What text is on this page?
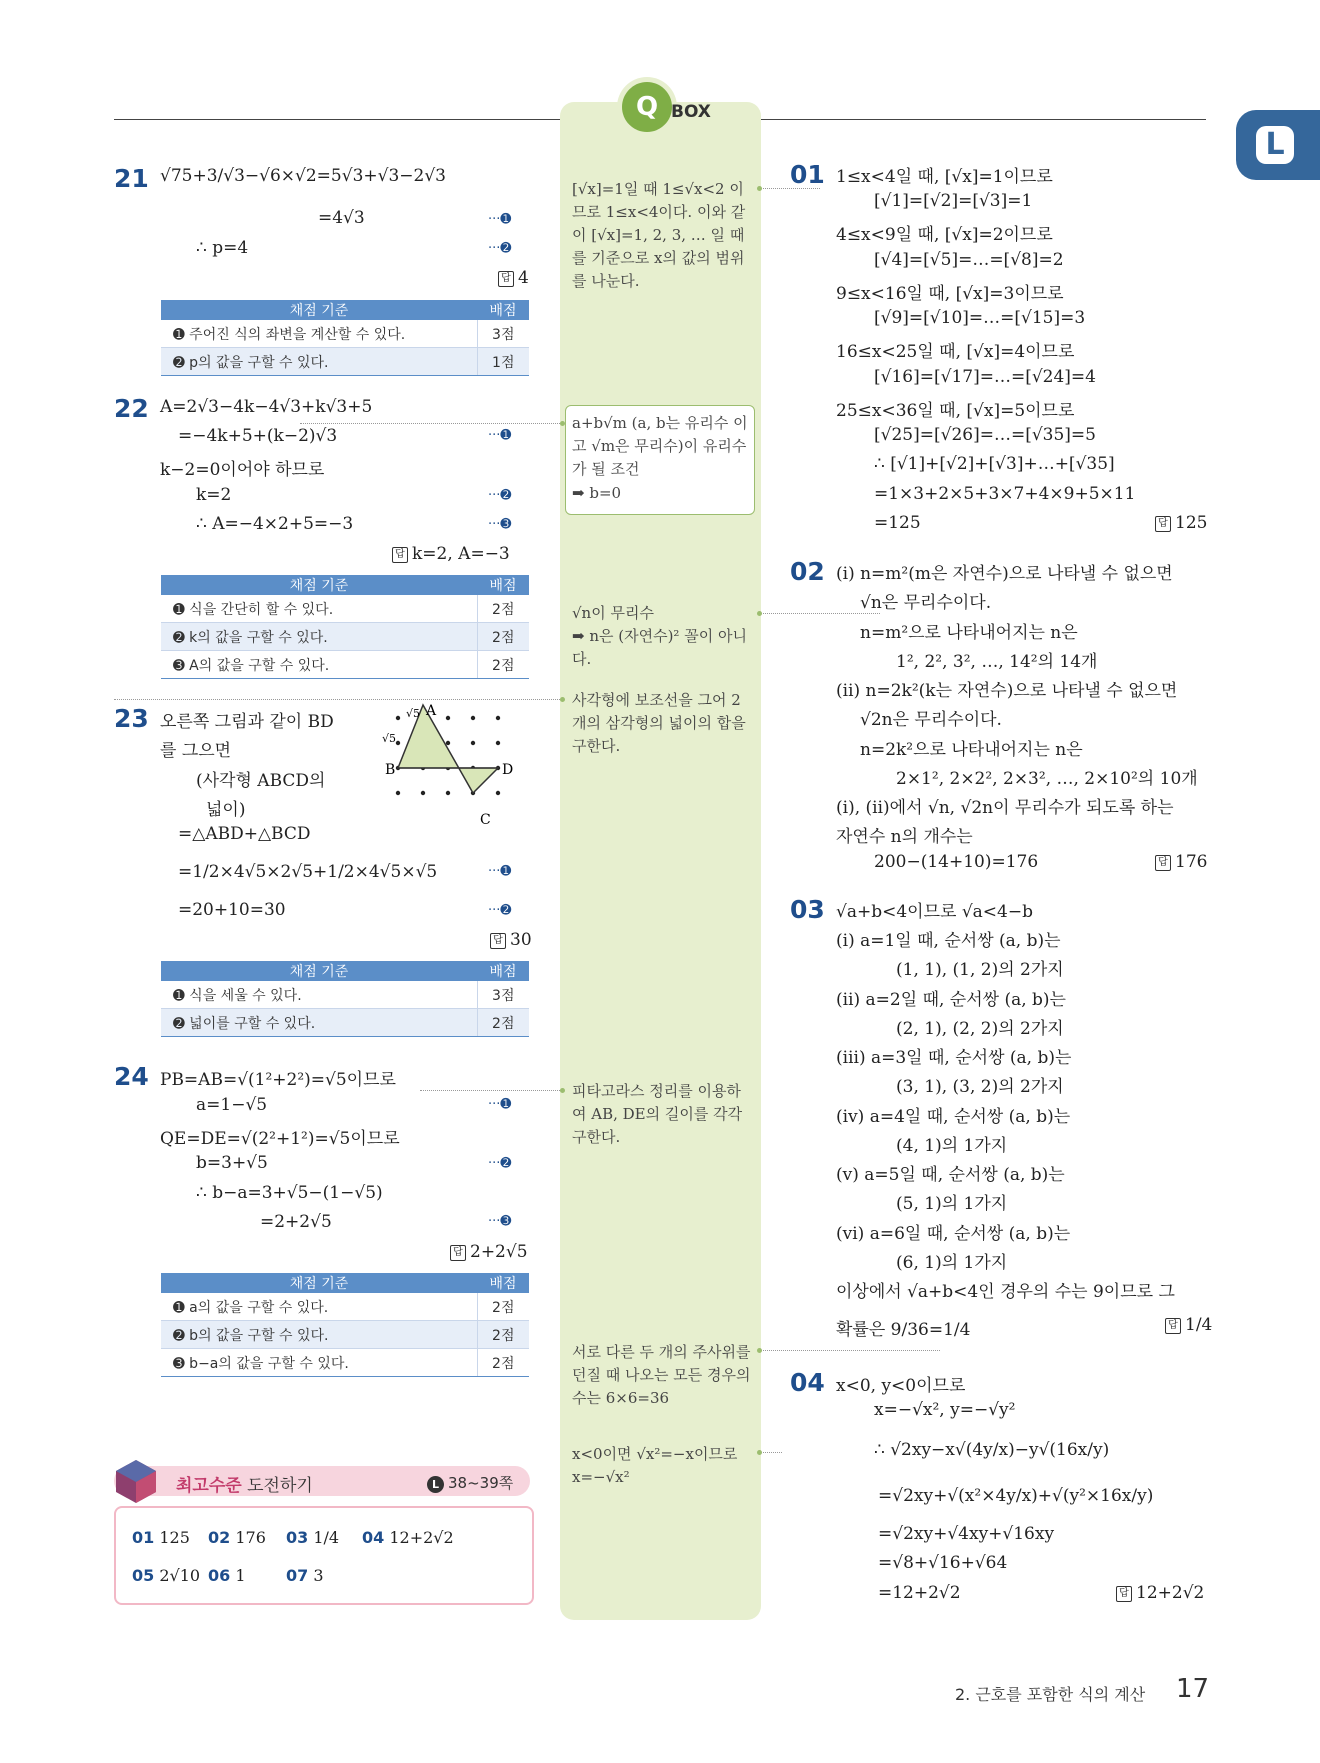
Q BOX
L
21 √75+3/√3−√6×√2=5√3+√3−2√3
=4√3
∴ p=4
···➊
···➋
답 4
채점 기준	배점
➊ 주어진 식의 좌변을 계산할 수 있다.	3점
➋ p의 값을 구할 수 있다.	1점
22 A=2√3−4k−4√3+k√3+5
=−4k+5+(k−2)√3
k−2=0이어야 하므로
k=2
∴ A=−4×2+5=−3
···➊
···➋
···➌
답 k=2, A=−3
채점 기준	배점
➊ 식을 간단히 할 수 있다.	2점
➋ k의 값을 구할 수 있다.	2점
➌ A의 값을 구할 수 있다.	2점
23 오른쪽 그림과 같이 BD
를 그으면
(사각형 ABCD의
넓이)
=△ABD+△BCD
=1/2×4√5×2√5+1/2×4√5×√5
=20+10=30
···➊
···➋
답 30
A
B
C
D
√5
√5
채점 기준	배점
➊ 식을 세울 수 있다.	3점
➋ 넓이를 구할 수 있다.	2점
24 PB=AB=√(1²+2²)=√5이므로
a=1−√5
QE=DE=√(2²+1²)=√5이므로
b=3+√5
∴ b−a=3+√5−(1−√5)
=2+2√5
···➊
···➋
···➌
답 2+2√5
채점 기준	배점
➊ a의 값을 구할 수 있다.	2점
➋ b의 값을 구할 수 있다.	2점
➌ b−a의 값을 구할 수 있다.	2점
최고수준 도전하기	L 38~39쪽
01 125 02 176 03 1/4 04 12+2√2
05 2√10 06 1	07 3
[√x]=1일 때 1≤√x<2 이므로 1≤x<4이다. 이와 같이 [√x]=1, 2, 3, … 일 때를 기준으로 x의 값의 범위를 나눈다.
a+b√m (a, b는 유리수 이고 √m은 무리수)이 유리수가 될 조건
➡ b=0
√n이 무리수
➡ n은 (자연수)² 꼴이 아니다.
사각형에 보조선을 그어 2개의 삼각형의 넓이의 합을 구한다.
피타고라스 정리를 이용하여 AB, DE의 길이를 각각 구한다.
서로 다른 두 개의 주사위를 던질 때 나오는 모든 경우의 수는 6×6=36
x<0이면 √x²=−x이므로 x=−√x²
01 1≤x<4일 때, [√x]=1이므로
[√1]=[√2]=[√3]=1
4≤x<9일 때, [√x]=2이므로
[√4]=[√5]=…=[√8]=2
9≤x<16일 때, [√x]=3이므로
[√9]=[√10]=…=[√15]=3
16≤x<25일 때, [√x]=4이므로
[√16]=[√17]=…=[√24]=4
25≤x<36일 때, [√x]=5이므로
[√25]=[√26]=…=[√35]=5
∴ [√1]+[√2]+[√3]+…+[√35]
=1×3+2×5+3×7+4×9+5×11
=125	답 125
02 (ⅰ) n=m²(m은 자연수)으로 나타낼 수 없으면
√n은 무리수이다.
n=m²으로 나타내어지는 n은
1², 2², 3², …, 14²의 14개
(ⅱ) n=2k²(k는 자연수)으로 나타낼 수 없으면
√2n은 무리수이다.
n=2k²으로 나타내어지는 n은
2×1², 2×2², 2×3², …, 2×10²의 10개
(ⅰ), (ⅱ)에서 √n, √2n이 무리수가 되도록 하는
자연수 n의 개수는
200−(14+10)=176	답 176
03 √a+b<4이므로 √a<4−b
(ⅰ) a=1일 때, 순서쌍 (a, b)는
(1, 1), (1, 2)의 2가지
(ⅱ) a=2일 때, 순서쌍 (a, b)는
(2, 1), (2, 2)의 2가지
(ⅲ) a=3일 때, 순서쌍 (a, b)는
(3, 1), (3, 2)의 2가지
(ⅳ) a=4일 때, 순서쌍 (a, b)는
(4, 1)의 1가지
(ⅴ) a=5일 때, 순서쌍 (a, b)는
(5, 1)의 1가지
(ⅵ) a=6일 때, 순서쌍 (a, b)는
(6, 1)의 1가지
이상에서 √a+b<4인 경우의 수는 9이므로 그
확률은 9/36=1/4	답 1/4
04 x<0, y<0이므로
x=−√x², y=−√y²
∴ √2xy−x√(4y/x)−y√(16x/y)
=√2xy+√(x²×4y/x)+√(y²×16x/y)
=√2xy+√4xy+√16xy
=√8+√16+√64
=12+2√2	답 12+2√2
2. 근호를 포함한 식의 계산 17
